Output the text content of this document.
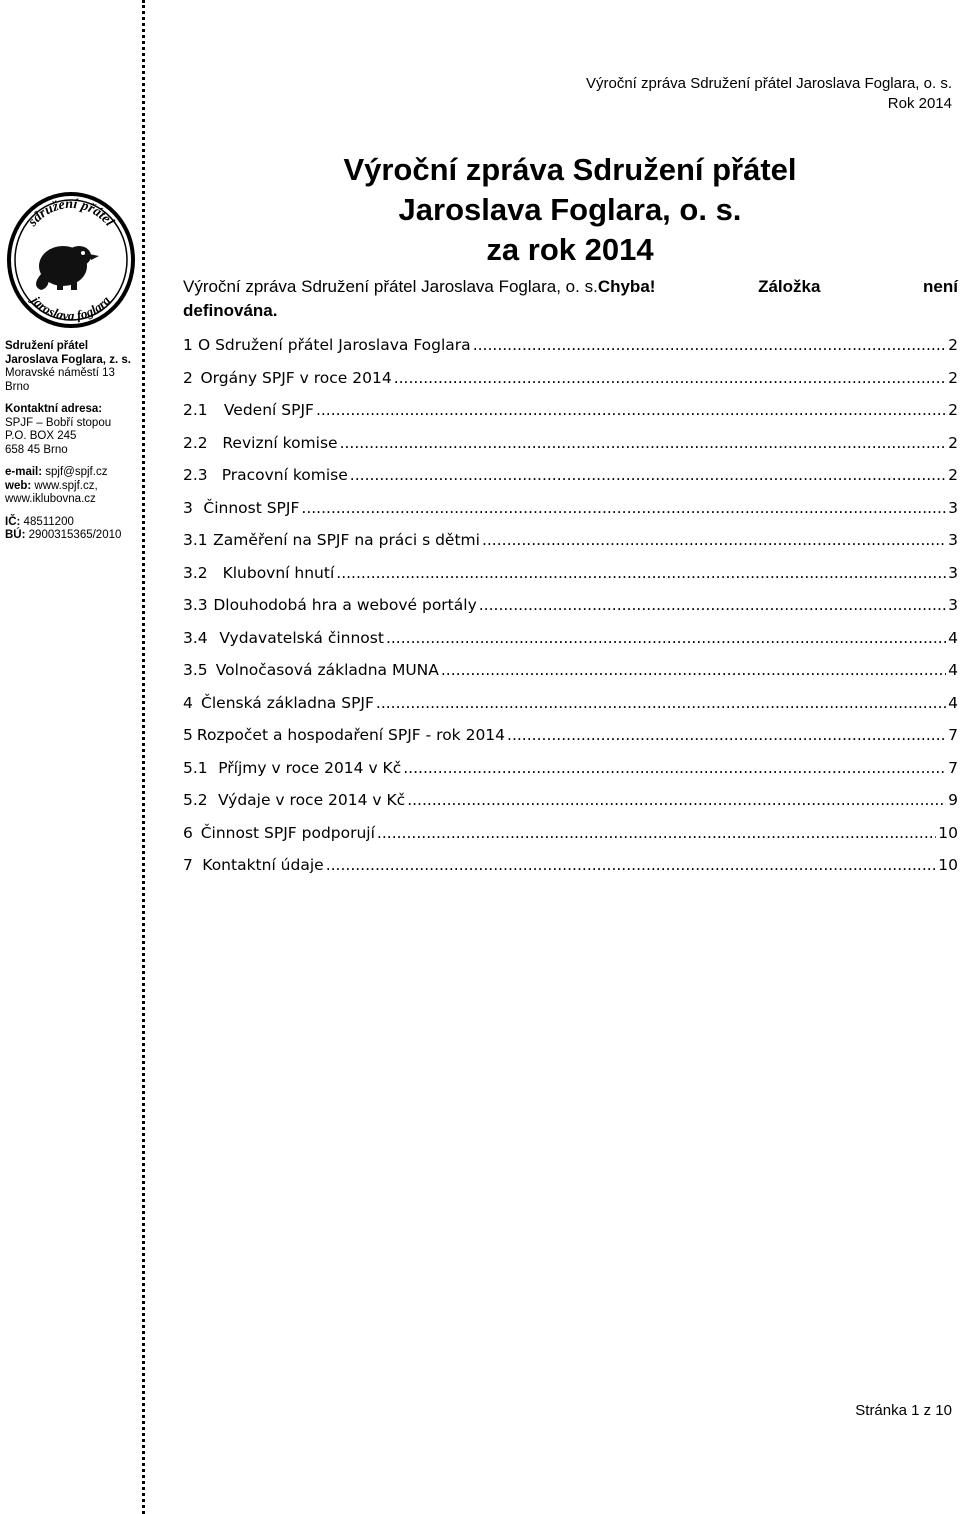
Výroční zpráva Sdružení přátel Jaroslava Foglara, o. s.
Rok 2014
sdružení přátel
jaroslava foglara
Sdružení přátel
Jaroslava Foglara, z. s.
Moravské náměstí 13
Brno
Kontaktní adresa:
SPJF – Bobří stopou
P.O. BOX 245
658 45 Brno
e-mail: spjf@spjf.cz
web: www.spjf.cz,
www.iklubovna.cz
IČ: 48511200
BÚ: 2900315365/2010
Výroční zpráva Sdružení přátel
Jaroslava Foglara, o. s.
za rok 2014
Výroční zpráva Sdružení přátel Jaroslava Foglara, o. s.Chyba!	Záložka	není
definována.
1 O Sdružení přátel Jaroslava Foglara .....	2
2 Orgány SPJF v roce 2014 .....	2
2.1	Vedení SPJF .....	2
2.2 Revizní komise .....	2
2.3 Pracovní komise .....	2
3 Činnost SPJF .....	3
3.1 Zaměření na SPJF na práci s dětmi .....	3
3.2 Klubovní hnutí .....	3
3.3 Dlouhodobá hra a webové portály .....	3
3.4 Vydavatelská činnost .....	4
3.5 Volnočasová základna MUNA .....	4
4 Členská základna SPJF .....	4
5 Rozpočet a hospodaření SPJF - rok 2014 .....	7
5.1 Příjmy v roce 2014 v Kč .....	7
5.2 Výdaje v roce 2014 v Kč .....	9
6 Činnost SPJF podporují .....	10
7 Kontaktní údaje .....	10
Stránka 1 z 10
